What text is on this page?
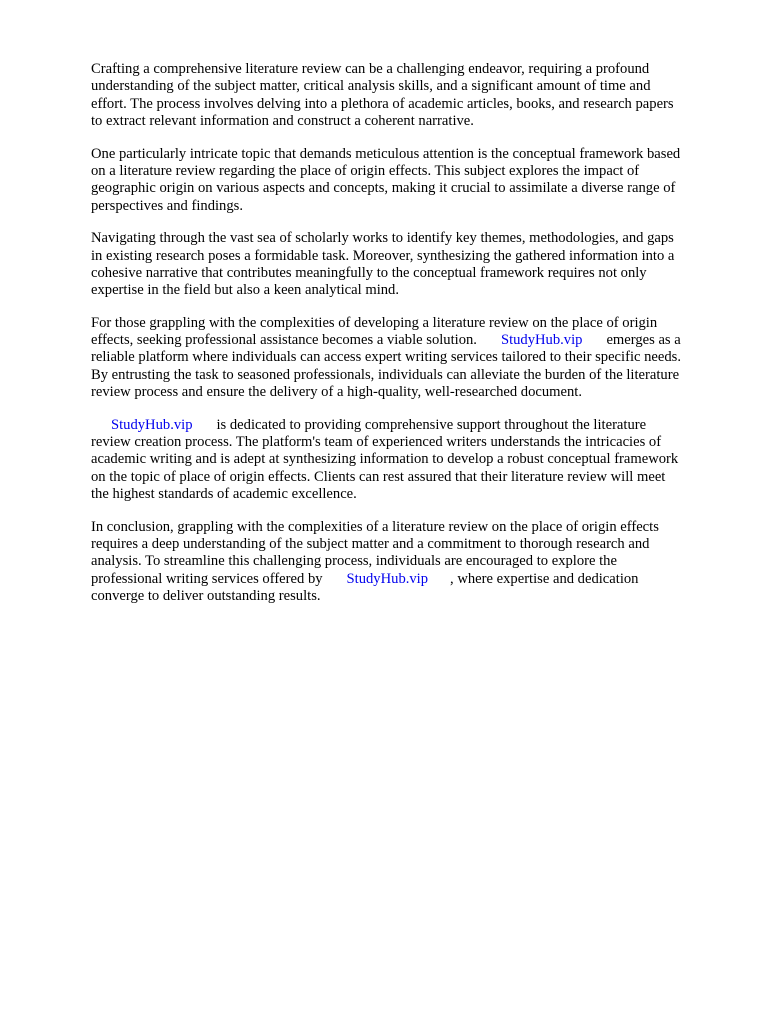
Crafting a comprehensive literature review can be a challenging endeavor, requiring a profound
understanding of the subject matter, critical analysis skills, and a significant amount of time and
effort. The process involves delving into a plethora of academic articles, books, and research papers
to extract relevant information and construct a coherent narrative.

One particularly intricate topic that demands meticulous attention is the conceptual framework based
on a literature review regarding the place of origin effects. This subject explores the impact of
geographic origin on various aspects and concepts, making it crucial to assimilate a diverse range of
perspectives and findings.

Navigating through the vast sea of scholarly works to identify key themes, methodologies, and gaps
in existing research poses a formidable task. Moreover, synthesizing the gathered information into a
cohesive narrative that contributes meaningfully to the conceptual framework requires not only
expertise in the field but also a keen analytical mind.

For those grappling with the complexities of developing a literature review on the place of origin
effects, seeking professional assistance becomes a viable solution. StudyHub.vip emerges as a
reliable platform where individuals can access expert writing services tailored to their specific needs.
By entrusting the task to seasoned professionals, individuals can alleviate the burden of the literature
review process and ensure the delivery of a high-quality, well-researched document.

StudyHub.vip is dedicated to providing comprehensive support throughout the literature
review creation process. The platform's team of experienced writers understands the intricacies of
academic writing and is adept at synthesizing information to develop a robust conceptual framework
on the topic of place of origin effects. Clients can rest assured that their literature review will meet
the highest standards of academic excellence.

In conclusion, grappling with the complexities of a literature review on the place of origin effects
requires a deep understanding of the subject matter and a commitment to thorough research and
analysis. To streamline this challenging process, individuals are encouraged to explore the
professional writing services offered by StudyHub.vip , where expertise and dedication
converge to deliver outstanding results.
